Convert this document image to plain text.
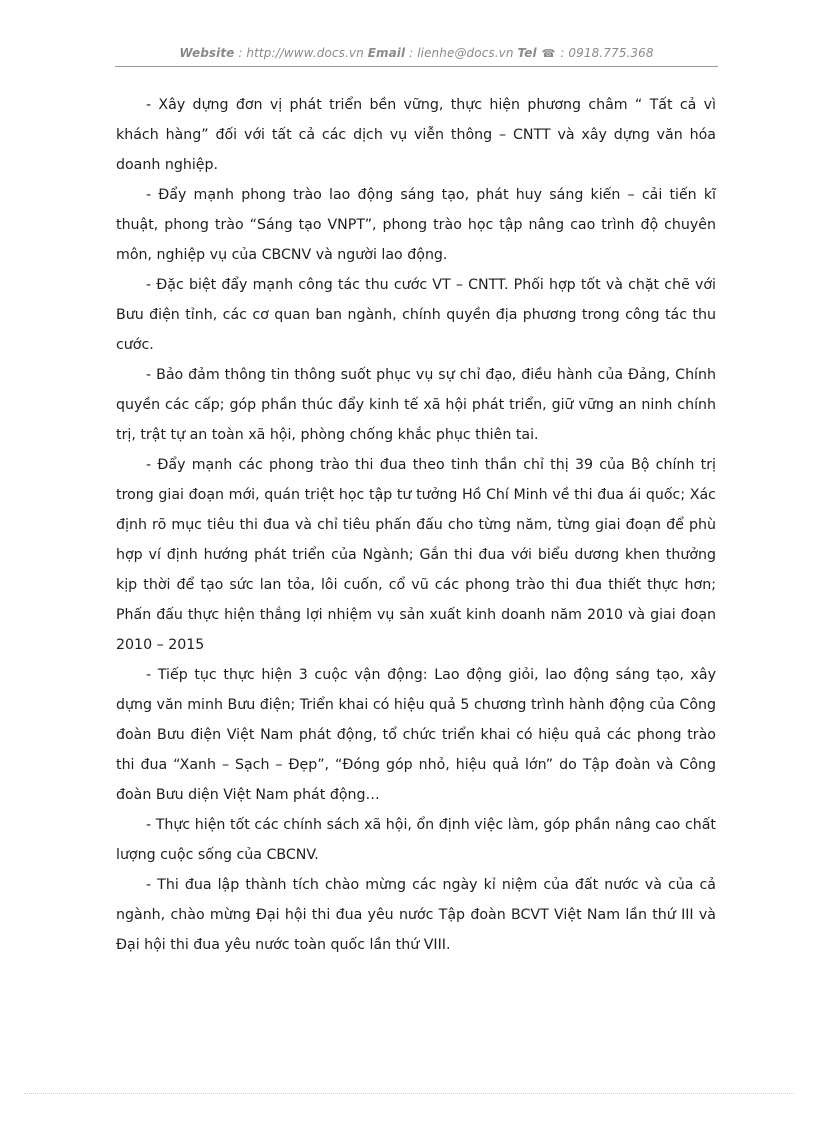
Website : http://www.docs.vn Email : lienhe@docs.vn Tel ☎ : 0918.775.368

- Xây dựng đơn vị phát triển bền vững, thực hiện phương châm “ Tất cả vì khách hàng” đối với tất cả các dịch vụ viễn thông – CNTT và xây dựng văn hóa doanh nghiệp.

- Đẩy mạnh phong trào lao động sáng tạo, phát huy sáng kiến – cải tiến kĩ thuật, phong trào “Sáng tạo VNPT”, phong trào học tập nâng cao trình độ chuyên môn, nghiệp vụ của CBCNV và người lao động.

- Đặc biệt đẩy mạnh công tác thu cước VT – CNTT. Phối hợp tốt và chặt chẽ với Bưu điện tỉnh, các cơ quan ban ngành, chính quyền địa phương trong công tác thu cước.

- Bảo đảm thông tin thông suốt phục vụ sự chỉ đạo, điều hành của Đảng, Chính quyền các cấp; góp phần thúc đẩy kinh tế xã hội phát triển, giữ vững an ninh chính trị, trật tự an toàn xã hội, phòng chống khắc phục thiên tai.

- Đẩy mạnh các phong trào thi đua theo tinh thần chỉ thị 39 của Bộ chính trị trong giai đoạn mới, quán triệt học tập tư tưởng Hồ Chí Minh về thi đua ái quốc; Xác định rõ mục tiêu thi đua và chỉ tiêu phấn đấu cho từng năm, từng giai đoạn để phù hợp ví định hướng phát triển của Ngành; Gắn thi đua với biểu dương khen thưởng kịp thời để tạo sức lan tỏa, lôi cuốn, cổ vũ các phong trào thi đua thiết thực hơn; Phấn đấu thực hiện thắng lợi nhiệm vụ sản xuất kinh doanh năm 2010 và giai đoạn 2010 – 2015

- Tiếp tục thực hiện 3 cuộc vận động: Lao động giỏi, lao động sáng tạo, xây dựng văn minh Bưu điện; Triển khai có hiệu quả 5 chương trình hành động của Công đoàn Bưu điện Việt Nam phát động, tổ chức triển khai có hiệu quả các phong trào thi đua “Xanh – Sạch – Đẹp”, “Đóng góp nhỏ, hiệu quả lớn” do Tập đoàn và Công đoàn Bưu diện Việt Nam phát động…

- Thực hiện tốt các chính sách xã hội, ổn định việc làm, góp phần nâng cao chất lượng cuộc sống của CBCNV.

- Thi đua lập thành tích chào mừng các ngày kỉ niệm của đất nước và của cả ngành, chào mừng Đại hội thi đua yêu nước Tập đoàn BCVT Việt Nam lần thứ III và Đại hội thi đua yêu nước toàn quốc lần thứ VIII.
